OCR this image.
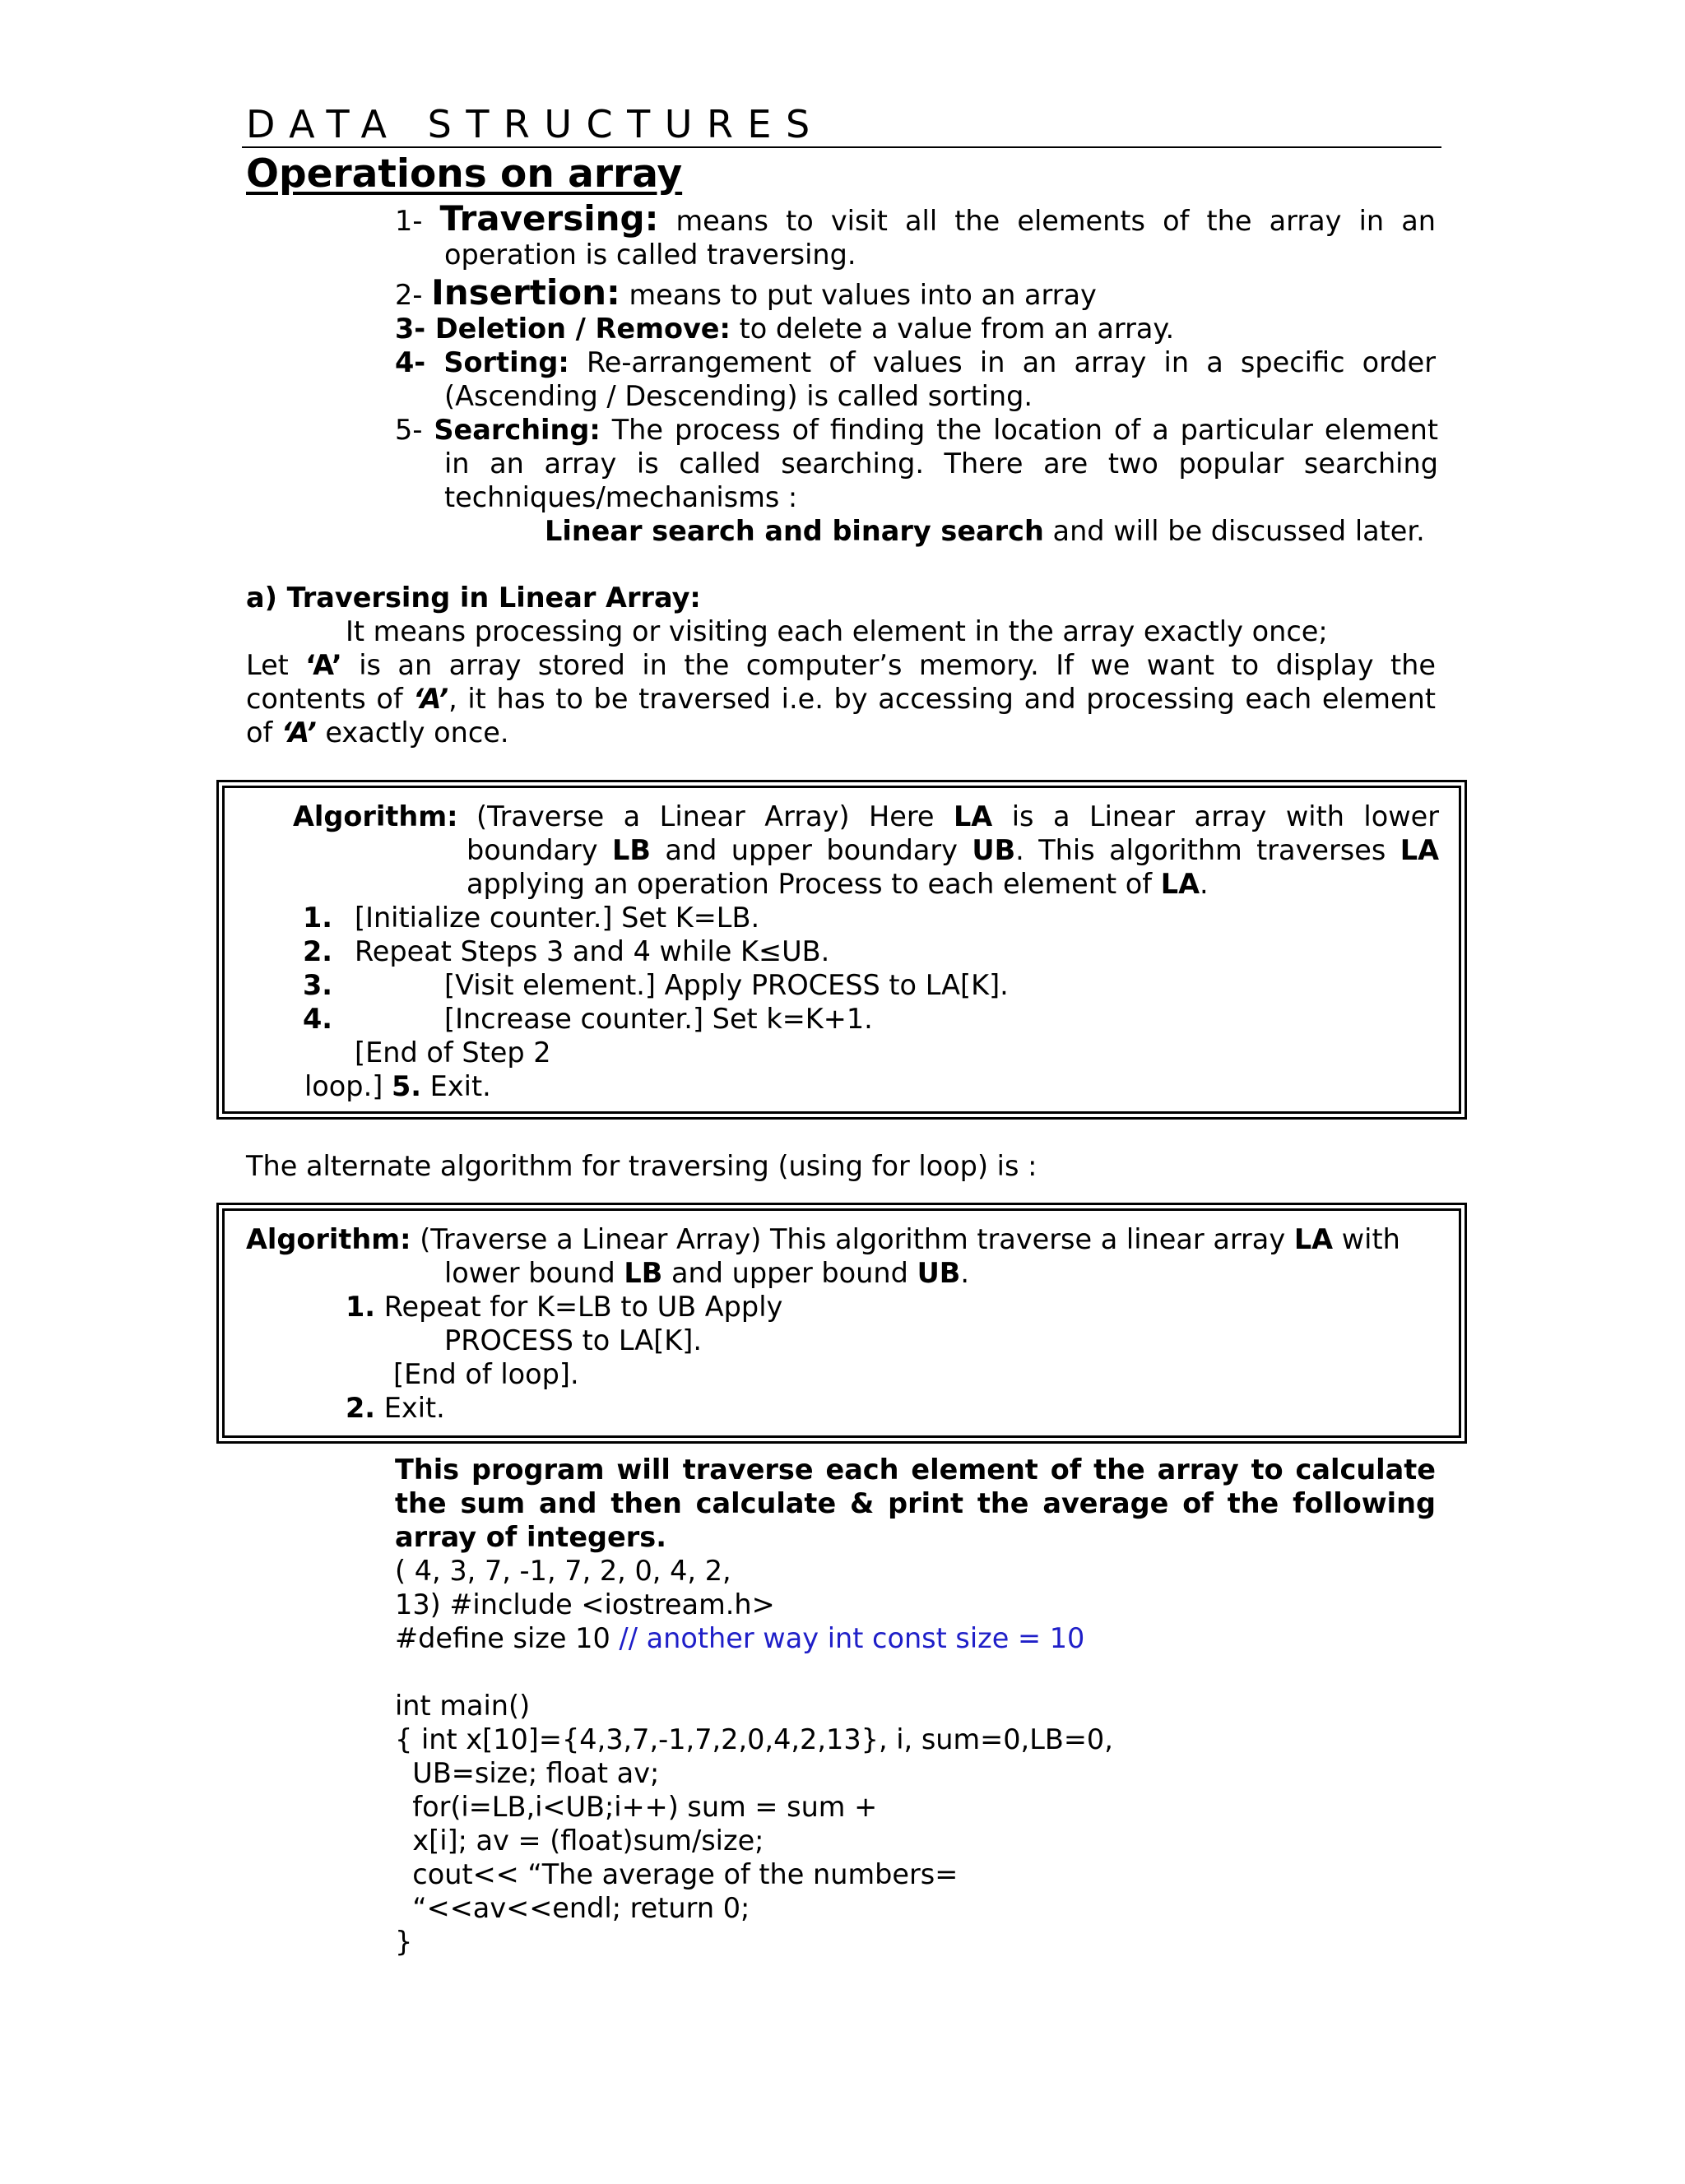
DATA STRUCTURES
Operations on array
1- Traversing: means to visit all the elements of the array in an
operation is called traversing.
2- Insertion: means to put values into an array
3- Deletion / Remove: to delete a value from an array.
4- Sorting: Re-arrangement of values in an array in a specific order
(Ascending / Descending) is called sorting.
5- Searching: The process of finding the location of a particular element
in an array is called searching. There are two popular searching
techniques/mechanisms :
Linear search and binary search and will be discussed later.
a) Traversing in Linear Array:
It means processing or visiting each element in the array exactly once;
Let ‘A’ is an array stored in the computer’s memory. If we want to display the
contents of ‘A’, it has to be traversed i.e. by accessing and processing each element
of ‘A’ exactly once.
Algorithm: (Traverse a Linear Array) Here LA is a Linear array with lower
boundary LB and upper boundary UB. This algorithm traverses LA
applying an operation Process to each element of LA.
1. [Initialize counter.] Set K=LB.
2. Repeat Steps 3 and 4 while K≤UB.
3.	[Visit element.] Apply PROCESS to LA[K].
4.	[Increase counter.] Set k=K+1.
[End of Step 2
loop.] 5. Exit.
The alternate algorithm for traversing (using for loop) is :
Algorithm: (Traverse a Linear Array) This algorithm traverse a linear array LA with
lower bound LB and upper bound UB.
1. Repeat for K=LB to UB Apply
PROCESS to LA[K].
[End of loop].
2. Exit.
This program will traverse each element of the array to calculate
the sum and then calculate & print the average of the following
array of integers.
( 4, 3, 7, -1, 7, 2, 0, 4, 2,
13) #include <iostream.h>
#define size 10 // another way int const size = 10
int main()
{ int x[10]={4,3,7,-1,7,2,0,4,2,13}, i, sum=0,LB=0,
UB=size; float av;
for(i=LB,i<UB;i++) sum = sum +
x[i]; av = (float)sum/size;
cout<< “The average of the numbers=
“<<av<<endl; return 0;
}
